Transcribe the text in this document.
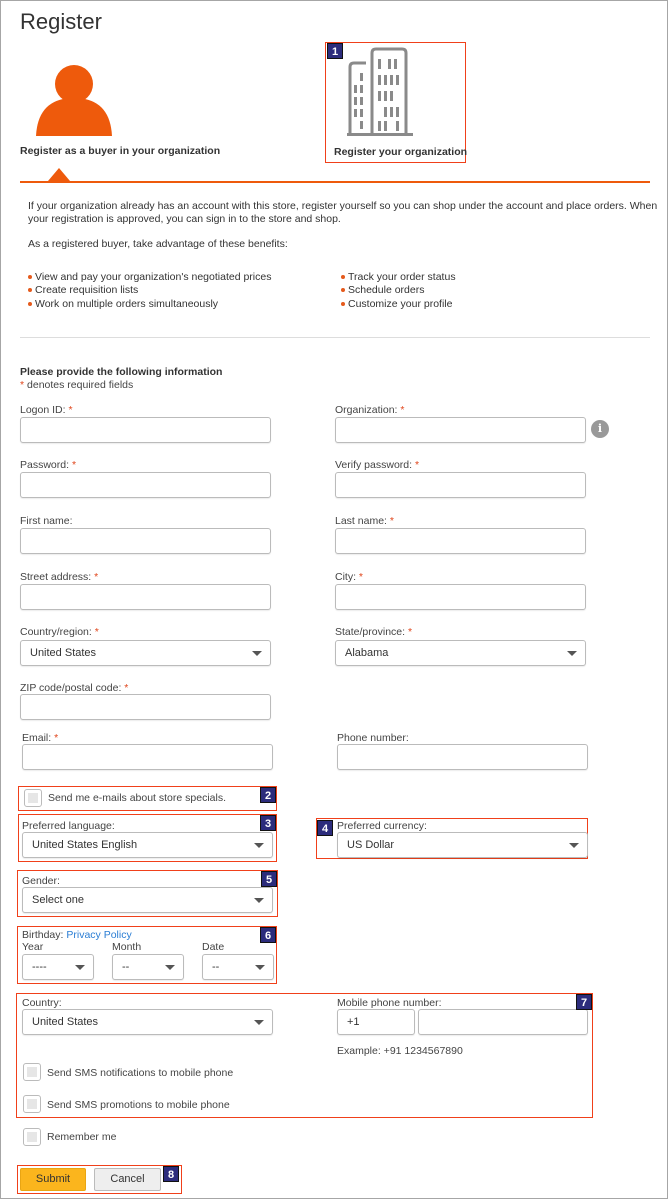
Register
Register as a buyer in your organization	Register your organization
1
If your organization already has an account with this store, register yourself so you can shop under the account and place orders. When
your registration is approved, you can sign in to the store and shop.
As a registered buyer, take advantage of these benefits:
View and pay your organization's negotiated prices
Create requisition lists
Work on multiple orders simultaneously
Track your order status
Schedule orders
Customize your profile
Please provide the following information
* denotes required fields
Logon ID: *	Organization: *
i
Password: *	Verify password: *
First name:	Last name: *
Street address: *	City: *
Country/region: *
United States
State/province: *
Alabama
ZIP code/postal code: *
Email: *	Phone number:
Send me e-mails about store specials.	2
Preferred language:
United States English
3	Preferred currency:
US Dollar
4
Gender:
Select one
5
Birthday: Privacy Policy
Year	Month	Date
----	--	--
6
Country:
United States
Mobile phone number:
+1
Example: +91 1234567890
Send SMS notifications to mobile phone
Send SMS promotions to mobile phone
7
Remember me
Submit	Cancel	8
